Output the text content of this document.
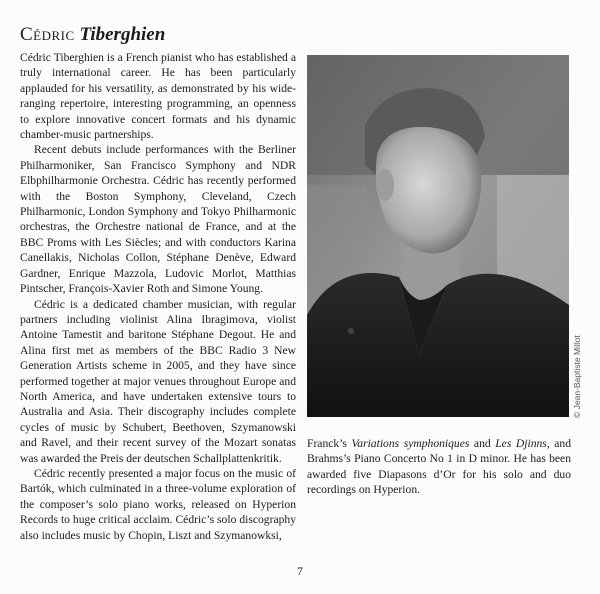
Cédric Tiberghien

Cédric Tiberghien is a French pianist who has established a truly international career. He has been particularly applauded for his versatility, as demonstrated by his wide-ranging repertoire, interesting programming, an openness to explore innovative concert formats and his dynamic chamber-music partnerships.

Recent debuts include performances with the Berliner Philharmoniker, San Francisco Symphony and NDR Elbphilharmonie Orchestra. Cédric has recently performed with the Boston Symphony, Cleveland, Czech Philharmonic, London Symphony and Tokyo Philharmonic orchestras, the Orchestre national de France, and at the BBC Proms with Les Siècles; and with conductors Karina Canellakis, Nicholas Collon, Stéphane Denève, Edward Gardner, Enrique Mazzola, Ludovic Morlot, Matthias Pintscher, François-Xavier Roth and Simone Young.

Cédric is a dedicated chamber musician, with regular partners including violinist Alina Ibragimova, violist Antoine Tamestit and baritone Stéphane Degout. He and Alina first met as members of the BBC Radio 3 New Generation Artists scheme in 2005, and they have since performed together at major venues throughout Europe and North America, and have undertaken extensive tours to Australia and Asia. Their discography includes complete cycles of music by Schubert, Beethoven, Szymanowski and Ravel, and their recent survey of the Mozart sonatas was awarded the Preis der deutschen Schallplattenkritik.

Cédric recently presented a major focus on the music of Bartók, which culminated in a three-volume exploration of the composer’s solo piano works, released on Hyperion Records to huge critical acclaim. Cédric’s solo discography also includes music by Chopin, Liszt and Szymanowksi,

© Jean-Baptiste Millot

Franck’s Variations symphoniques and Les Djinns, and Brahms’s Piano Concerto No 1 in D minor. He has been awarded five Diapasons d’Or for his solo and duo recordings on Hyperion.

7
